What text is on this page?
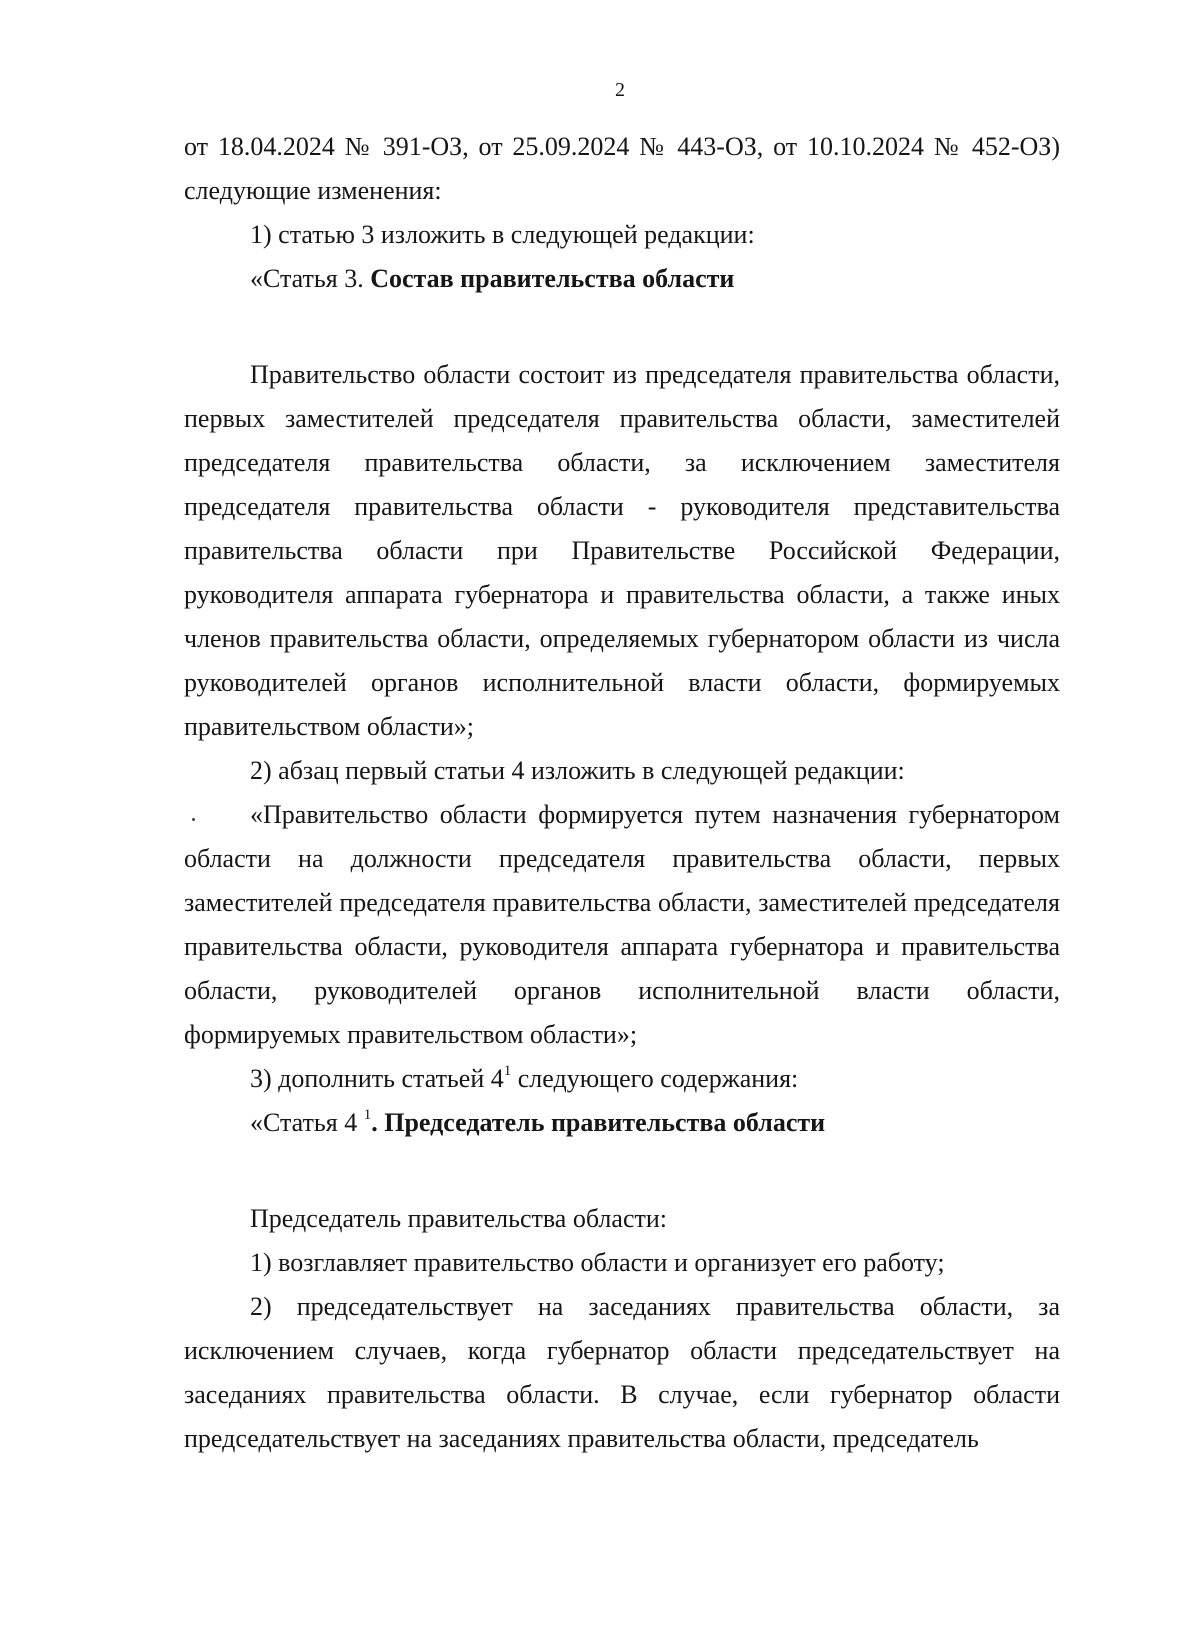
2

от 18.04.2024 № 391-ОЗ, от 25.09.2024 № 443-ОЗ, от 10.10.2024 № 452-ОЗ) следующие изменения:

1) статью 3 изложить в следующей редакции:

«Статья 3. Состав правительства области

Правительство области состоит из председателя правительства области, первых заместителей председателя правительства области, заместителей председателя правительства области, за исключением заместителя председателя правительства области - руководителя представительства правительства области при Правительстве Российской Федерации, руководителя аппарата губернатора и правительства области, а также иных членов правительства области, определяемых губернатором области из числа руководителей органов исполнительной власти области, формируемых правительством области»;

2) абзац первый статьи 4 изложить в следующей редакции:

«Правительство области формируется путем назначения губернатором области на должности председателя правительства области, первых заместителей председателя правительства области, заместителей председателя правительства области, руководителя аппарата губернатора и правительства области, руководителей органов исполнительной власти области, формируемых правительством области»;

3) дополнить статьей $4^1$ следующего содержания:

«Статья 4 $^1$. Председатель правительства области

Председатель правительства области:

1) возглавляет правительство области и организует его работу;

2) председательствует на заседаниях правительства области, за исключением случаев, когда губернатор области председательствует на заседаниях правительства области. В случае, если губернатор области председательствует на заседаниях правительства области, председатель
